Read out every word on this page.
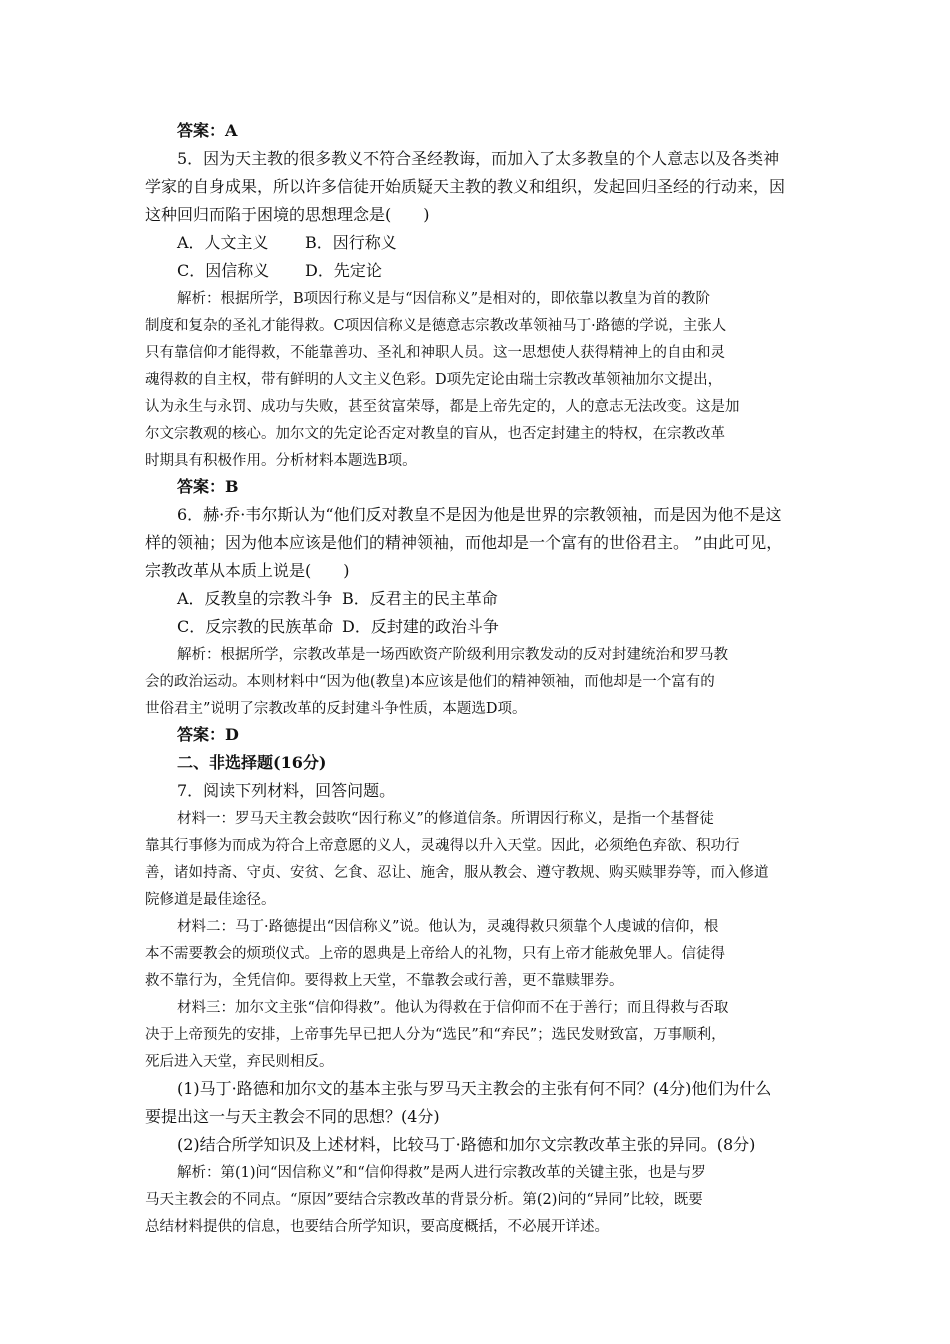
答案：A
5．因为天主教的很多教义不符合圣经教诲，而加入了太多教皇的个人意志以及各类神
学家的自身成果，所以许多信徒开始质疑天主教的教义和组织，发起回归圣经的行动来，因
这种回归而陷于困境的思想理念是(　　)
A．人文主义 B．因行称义
C．因信称义 D．先定论
解析：根据所学，B项因行称义是与“因信称义”是相对的，即依靠以教皇为首的教阶
制度和复杂的圣礼才能得救。C项因信称义是德意志宗教改革领袖马丁·路德的学说，主张人
只有靠信仰才能得救，不能靠善功、圣礼和神职人员。这一思想使人获得精神上的自由和灵
魂得救的自主权，带有鲜明的人文主义色彩。D项先定论由瑞士宗教改革领袖加尔文提出，
认为永生与永罚、成功与失败，甚至贫富荣辱，都是上帝先定的，人的意志无法改变。这是加
尔文宗教观的核心。加尔文的先定论否定对教皇的盲从，也否定封建主的特权，在宗教改革
时期具有积极作用。分析材料本题选B项。
答案：B
6．赫·乔·韦尔斯认为“他们反对教皇不是因为他是世界的宗教领袖，而是因为他不是这
样的领袖；因为他本应该是他们的精神领袖，而他却是一个富有的世俗君主。 ”由此可见，
宗教改革从本质上说是(　　)
A．反教皇的宗教斗争 B．反君主的民主革命
C．反宗教的民族革命 D．反封建的政治斗争
解析：根据所学，宗教改革是一场西欧资产阶级利用宗教发动的反对封建统治和罗马教
会的政治运动。本则材料中“因为他(教皇)本应该是他们的精神领袖，而他却是一个富有的
世俗君主”说明了宗教改革的反封建斗争性质，本题选D项。
答案：D
二、非选择题(16分)
7．阅读下列材料，回答问题。
材料一：罗马天主教会鼓吹“因行称义”的修道信条。所谓因行称义，是指一个基督徒
靠其行事修为而成为符合上帝意愿的义人，灵魂得以升入天堂。因此，必须绝色弃欲、积功行
善，诸如持斋、守贞、安贫、乞食、忍让、施舍，服从教会、遵守教规、购买赎罪券等，而入修道
院修道是最佳途径。
材料二：马丁·路德提出“因信称义”说。他认为，灵魂得救只须靠个人虔诚的信仰，根
本不需要教会的烦琐仪式。上帝的恩典是上帝给人的礼物，只有上帝才能赦免罪人。信徒得
救不靠行为，全凭信仰。要得救上天堂，不靠教会或行善，更不靠赎罪券。
材料三：加尔文主张“信仰得救”。他认为得救在于信仰而不在于善行；而且得救与否取
决于上帝预先的安排，上帝事先早已把人分为“选民”和“弃民”；选民发财致富，万事顺利，
死后进入天堂，弃民则相反。
(1)马丁·路德和加尔文的基本主张与罗马天主教会的主张有何不同？(4分)他们为什么
要提出这一与天主教会不同的思想？(4分)
(2)结合所学知识及上述材料，比较马丁·路德和加尔文宗教改革主张的异同。(8分)
解析：第(1)问“因信称义”和“信仰得救”是两人进行宗教改革的关键主张，也是与罗
马天主教会的不同点。“原因”要结合宗教改革的背景分析。第(2)问的“异同”比较，既要
总结材料提供的信息，也要结合所学知识，要高度概括，不必展开详述。
